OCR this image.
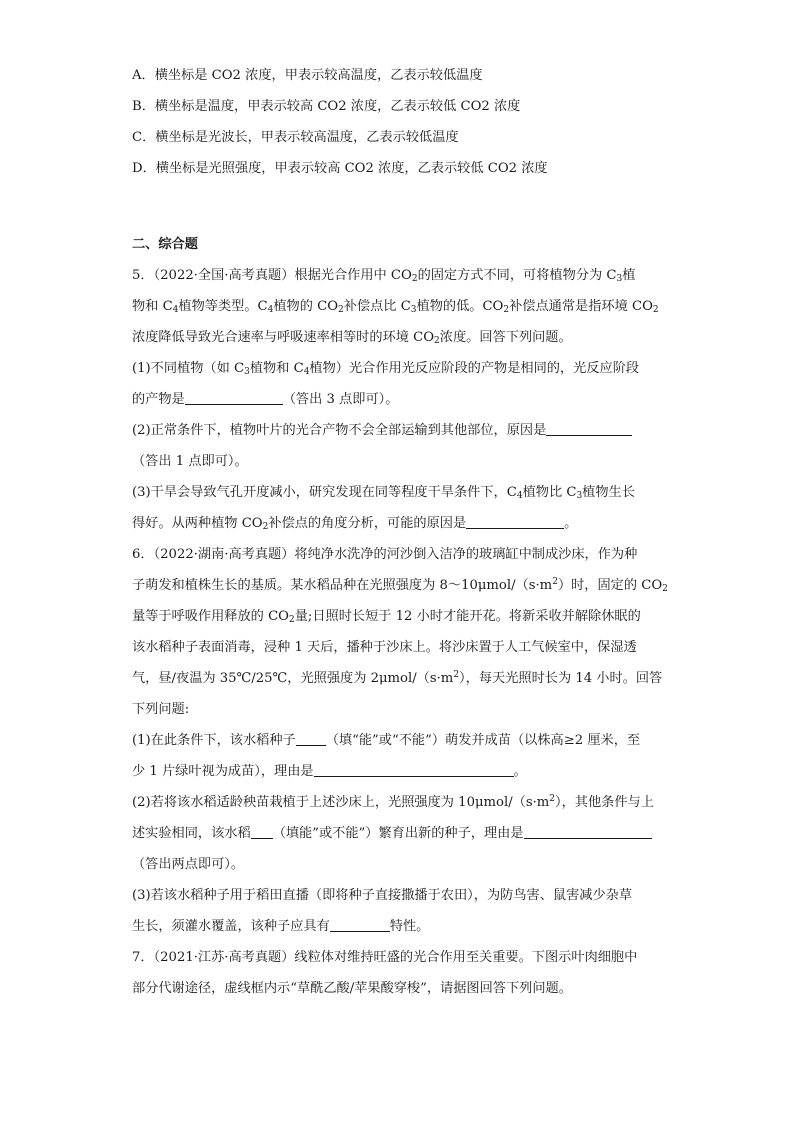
A．横坐标是 CO2 浓度，甲表示较高温度，乙表示较低温度
B．横坐标是温度，甲表示较高 CO2 浓度，乙表示较低 CO2 浓度
C．横坐标是光波长，甲表示较高温度，乙表示较低温度
D．横坐标是光照强度，甲表示较高 CO2 浓度，乙表示较低 CO2 浓度
二、综合题
5．（2022·全国·高考真题）根据光合作用中 $CO_2$的固定方式不同，可将植物分为 $C_3$植
物和 $C_4$植物等类型。$C_4$植物的 $CO_2$补偿点比 $C_3$植物的低。$CO_2$补偿点通常是指环境 $CO_2$
浓度降低导致光合速率与呼吸速率相等时的环境 $CO_2$浓度。回答下列问题。
(1)不同植物（如 $C_3$植物和 $C_4$植物）光合作用光反应阶段的产物是相同的，光反应阶段
的产物是	（答出 3 点即可）。
(2)正常条件下，植物叶片的光合产物不会全部运输到其他部位，原因是
（答出 1 点即可）。
(3)干旱会导致气孔开度减小，研究发现在同等程度干旱条件下，$C_4$植物比 $C_3$植物生长
得好。从两种植物 $CO_2$补偿点的角度分析，可能的原因是	。
6．（2022·湖南·高考真题）将纯净水洗净的河沙倒入洁净的玻璃缸中制成沙床，作为种
子萌发和植株生长的基质。某水稻品种在光照强度为 $8\sim 10\mu mol/(s\cdot m^2)$时，固定的 $CO_2$
量等于呼吸作用释放的 $CO_2$量;日照时长短于 12 小时才能开花。将新采收并解除休眠的
该水稻种子表面消毒，浸种 1 天后，播种于沙床上。将沙床置于人工气候室中，保湿透
气，昼/夜温为 35℃/25℃，光照强度为 $2\mu mol/(s\cdot m^2)$，每天光照时长为 14 小时。回答
下列问题:
(1)在此条件下，该水稻种子 （填“能”或“不能”）萌发并成苗（以株高≥2 厘米，至
少 1 片绿叶视为成苗），理由是	。
(2)若将该水稻适龄秧苗栽植于上述沙床上，光照强度为 $10\mu mol/(s\cdot m^2)$，其他条件与上
述实验相同，该水稻 （填能”或不能”）繁育出新的种子，理由是
（答出两点即可）。
(3)若该水稻种子用于稻田直播（即将种子直接撒播于农田），为防鸟害、鼠害减少杂草
生长，须灌水覆盖，该种子应具有	特性。
7．（2021·江苏·高考真题）线粒体对维持旺盛的光合作用至关重要。下图示叶肉细胞中
部分代谢途径，虚线框内示“草酰乙酸/苹果酸穿梭”，请据图回答下列问题。
